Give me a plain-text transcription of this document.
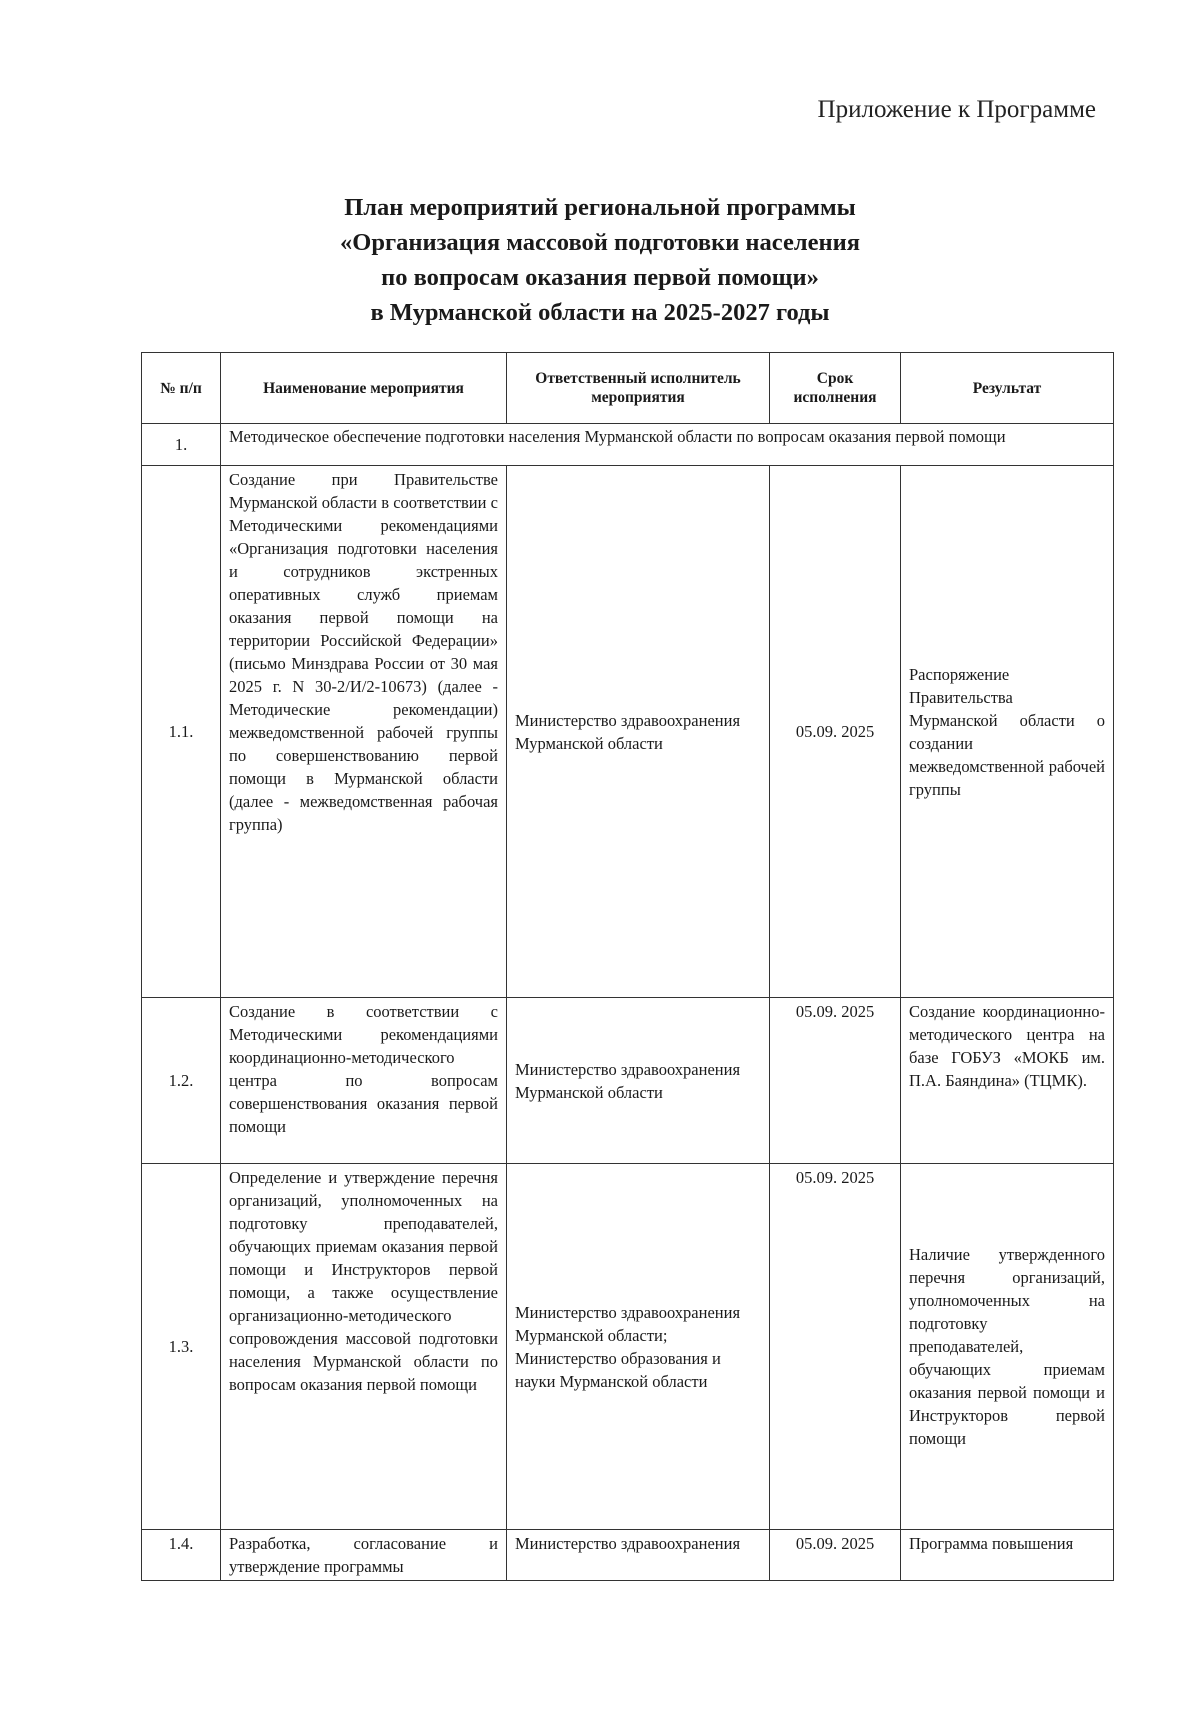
Приложение к Программе
План мероприятий региональной программы
«Организация массовой подготовки населения
по вопросам оказания первой помощи»
в Мурманской области на 2025-2027 годы
№ п/п	Наименование мероприятия	Ответственный исполнитель мероприятия	Срок исполнения	Результат
1.	Методическое обеспечение подготовки населения Мурманской области по вопросам оказания первой помощи			
1.1.	Создание при Правительстве Мурманской области в соответствии с Методическими рекомендациями «Организация подготовки населения и сотрудников экстренных оперативных служб приемам оказания первой помощи на территории Российской Федерации» (письмо Минздрава России от 30 мая 2025 г. N 30-2/И/2-10673) (далее - Методические рекомендации) межведомственной рабочей группы по совершенствованию первой помощи в Мурманской области (далее - межведомственная рабочая группа)	Министерство здравоохранения Мурманской области	05.09. 2025	Распоряжение Правительства Мурманской области о создании межведомственной рабочей группы
1.2.	Создание в соответствии с Методическими рекомендациями координационно-методического центра по вопросам совершенствования оказания первой помощи	Министерство здравоохранения Мурманской области	05.09. 2025	Создание координационно-методического центра на базе ГОБУЗ «МОКБ им. П.А. Баяндина» (ТЦМК).
1.3.	Определение и утверждение перечня организаций, уполномоченных на подготовку преподавателей, обучающих приемам оказания первой помощи и Инструкторов первой помощи, а также осуществление организационно-методического сопровождения массовой подготовки населения Мурманской области по вопросам оказания первой помощи	Министерство здравоохранения Мурманской области; Министерство образования и науки Мурманской области	05.09. 2025	Наличие утвержденного перечня организаций, уполномоченных на подготовку преподавателей, обучающих приемам оказания первой помощи и Инструкторов первой помощи
1.4.	Разработка, согласование и утверждение программы	Министерство здравоохранения	05.09. 2025	Программа повышения
